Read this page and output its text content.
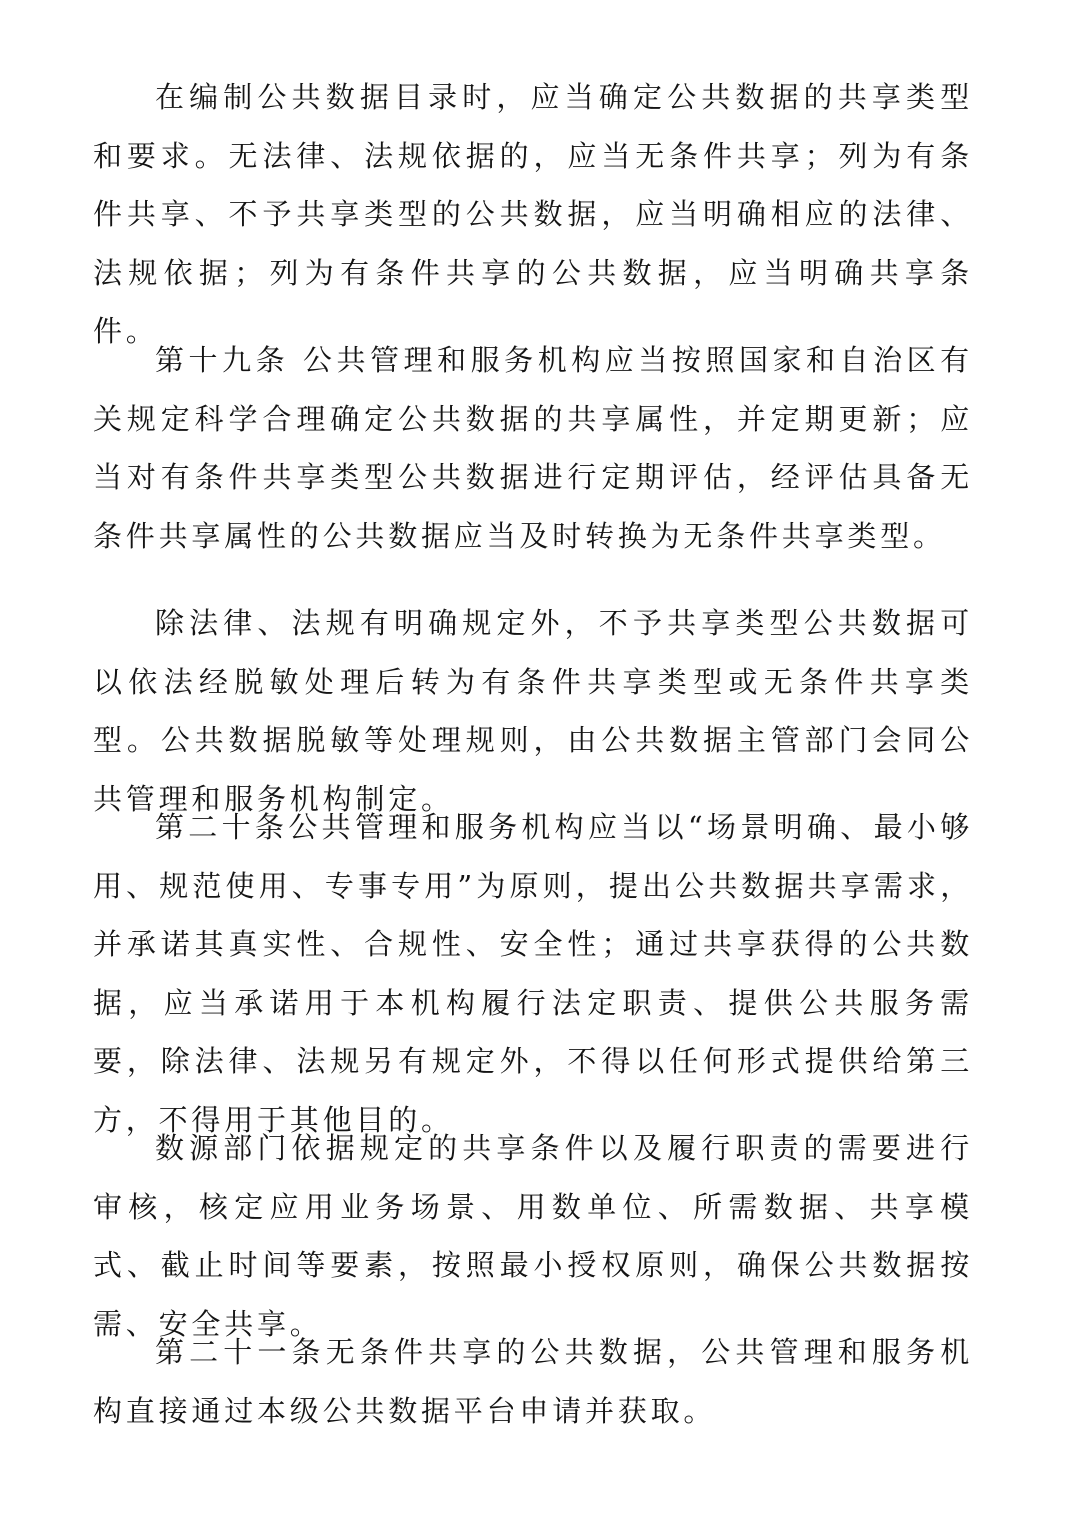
在编制公共数据目录时，应当确定公共数据的共享类型和要求。无法律、法规依据的，应当无条件共享；列为有条件共享、不予共享类型的公共数据，应当明确相应的法律、法规依据；列为有条件共享的公共数据，应当明确共享条件。

第十九条 公共管理和服务机构应当按照国家和自治区有关规定科学合理确定公共数据的共享属性，并定期更新；应当对有条件共享类型公共数据进行定期评估，经评估具备无条件共享属性的公共数据应当及时转换为无条件共享类型。

除法律、法规有明确规定外，不予共享类型公共数据可以依法经脱敏处理后转为有条件共享类型或无条件共享类型。公共数据脱敏等处理规则，由公共数据主管部门会同公共管理和服务机构制定。

第二十条公共管理和服务机构应当以“场景明确、最小够用、规范使用、专事专用”为原则，提出公共数据共享需求，并承诺其真实性、合规性、安全性；通过共享获得的公共数据，应当承诺用于本机构履行法定职责、提供公共服务需要，除法律、法规另有规定外，不得以任何形式提供给第三方，不得用于其他目的。

数源部门依据规定的共享条件以及履行职责的需要进行审核，核定应用业务场景、用数单位、所需数据、共享模式、截止时间等要素，按照最小授权原则，确保公共数据按需、安全共享。

第二十一条无条件共享的公共数据，公共管理和服务机构直接通过本级公共数据平台申请并获取。
